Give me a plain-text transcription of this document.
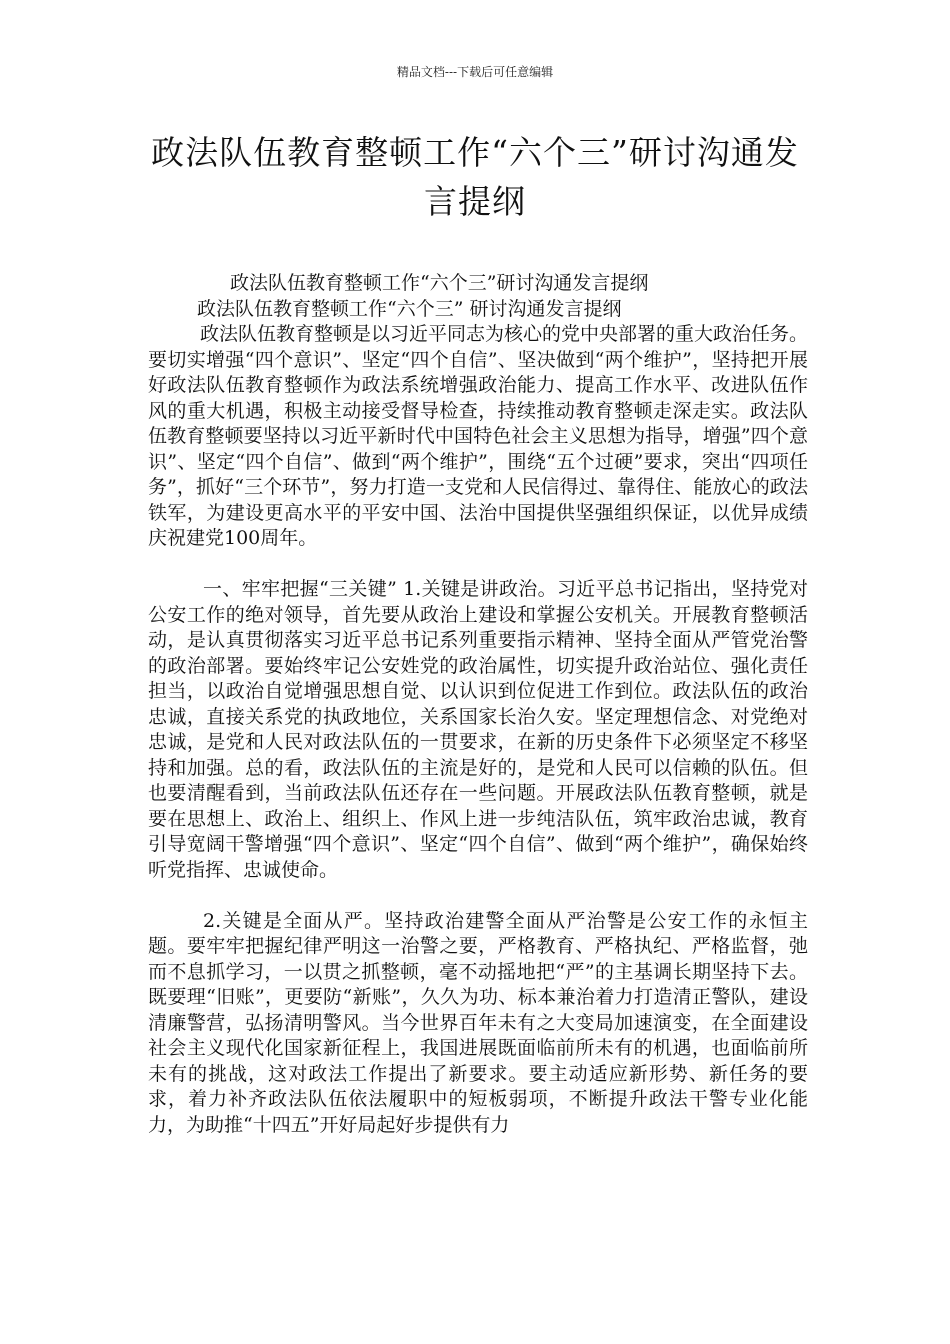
精品文档---下载后可任意编辑
政法队伍教育整顿工作“六个三”研讨沟通发言提纲

政法队伍教育整顿工作“六个三”研讨沟通发言提纲

政法队伍教育整顿工作“六个三” 研讨沟通发言提纲

政法队伍教育整顿是以习近平同志为核心的党中央部署的重大政治任务。要切实增强“四个意识”、坚定“四个自信”、坚决做到“两个维护”，坚持把开展好政法队伍教育整顿作为政法系统增强政治能力、提高工作水平、改进队伍作风的重大机遇，积极主动接受督导检查，持续推动教育整顿走深走实。政法队伍教育整顿要坚持以习近平新时代中国特色社会主义思想为指导，增强”四个意识”、坚定“四个自信”、做到“两个维护”，围绕“五个过硬”要求，突出“四项任务”，抓好“三个环节”，努力打造一支党和人民信得过、靠得住、能放心的政法铁军，为建设更高水平的平安中国、法治中国提供坚强组织保证，以优异成绩庆祝建党100周年。

一、牢牢把握“三关键” 1.关键是讲政治。习近平总书记指出，坚持党对公安工作的绝对领导，首先要从政治上建设和掌握公安机关。开展教育整顿活动，是认真贯彻落实习近平总书记系列重要指示精神、坚持全面从严管党治警的政治部署。要始终牢记公安姓党的政治属性，切实提升政治站位、强化责任担当，以政治自觉增强思想自觉、以认识到位促进工作到位。政法队伍的政治忠诚，直接关系党的执政地位，关系国家长治久安。坚定理想信念、对党绝对忠诚，是党和人民对政法队伍的一贯要求，在新的历史条件下必须坚定不移坚持和加强。总的看，政法队伍的主流是好的，是党和人民可以信赖的队伍。但也要清醒看到，当前政法队伍还存在一些问题。开展政法队伍教育整顿，就是要在思想上、政治上、组织上、作风上进一步纯洁队伍，筑牢政治忠诚，教育引导宽阔干警增强“四个意识”、坚定“四个自信”、做到“两个维护”，确保始终听党指挥、忠诚使命。

2.关键是全面从严。坚持政治建警全面从严治警是公安工作的永恒主题。要牢牢把握纪律严明这一治警之要，严格教育、严格执纪、严格监督，弛而不息抓学习，一以贯之抓整顿，毫不动摇地把“严”的主基调长期坚持下去。既要理“旧账”，更要防“新账”，久久为功、标本兼治着力打造清正警队，建设清廉警营，弘扬清明警风。当今世界百年未有之大变局加速演变，在全面建设社会主义现代化国家新征程上，我国进展既面临前所未有的机遇，也面临前所未有的挑战，这对政法工作提出了新要求。要主动适应新形势、新任务的要求，着力补齐政法队伍依法履职中的短板弱项，不断提升政法干警专业化能力，为助推“十四五”开好局起好步提供有力
